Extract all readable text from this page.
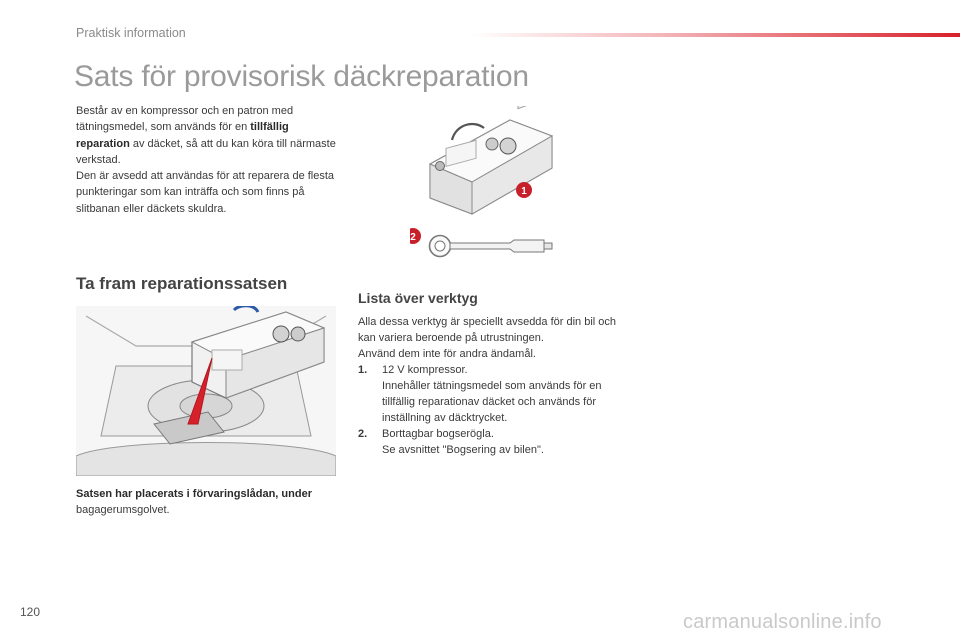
Praktisk information
Sats för provisorisk däckreparation

Består av en kompressor och en patron med tätningsmedel, som används för en tillfällig reparation av däcket, så att du kan köra till närmaste verkstad.
Den är avsedd att användas för att reparera de flesta punkteringar som kan inträffa och som finns på slitbanan eller däckets skuldra.

1
2
Ta fram reparationssatsen
Lista över verktyg
Alla dessa verktyg är speciellt avsedda för din bil och kan variera beroende på utrustningen.
Använd dem inte för andra ändamål.
1. 12 V kompressor.
Innehåller tätningsmedel som används för en tillfällig reparationav däcket och används för inställning av däcktrycket.
2. Borttagbar bogserögla.
Se avsnittet "Bogsering av bilen".

Satsen har placerats i förvaringslådan, under
bagagerumsgolvet.

120	carmanualsonline.info
